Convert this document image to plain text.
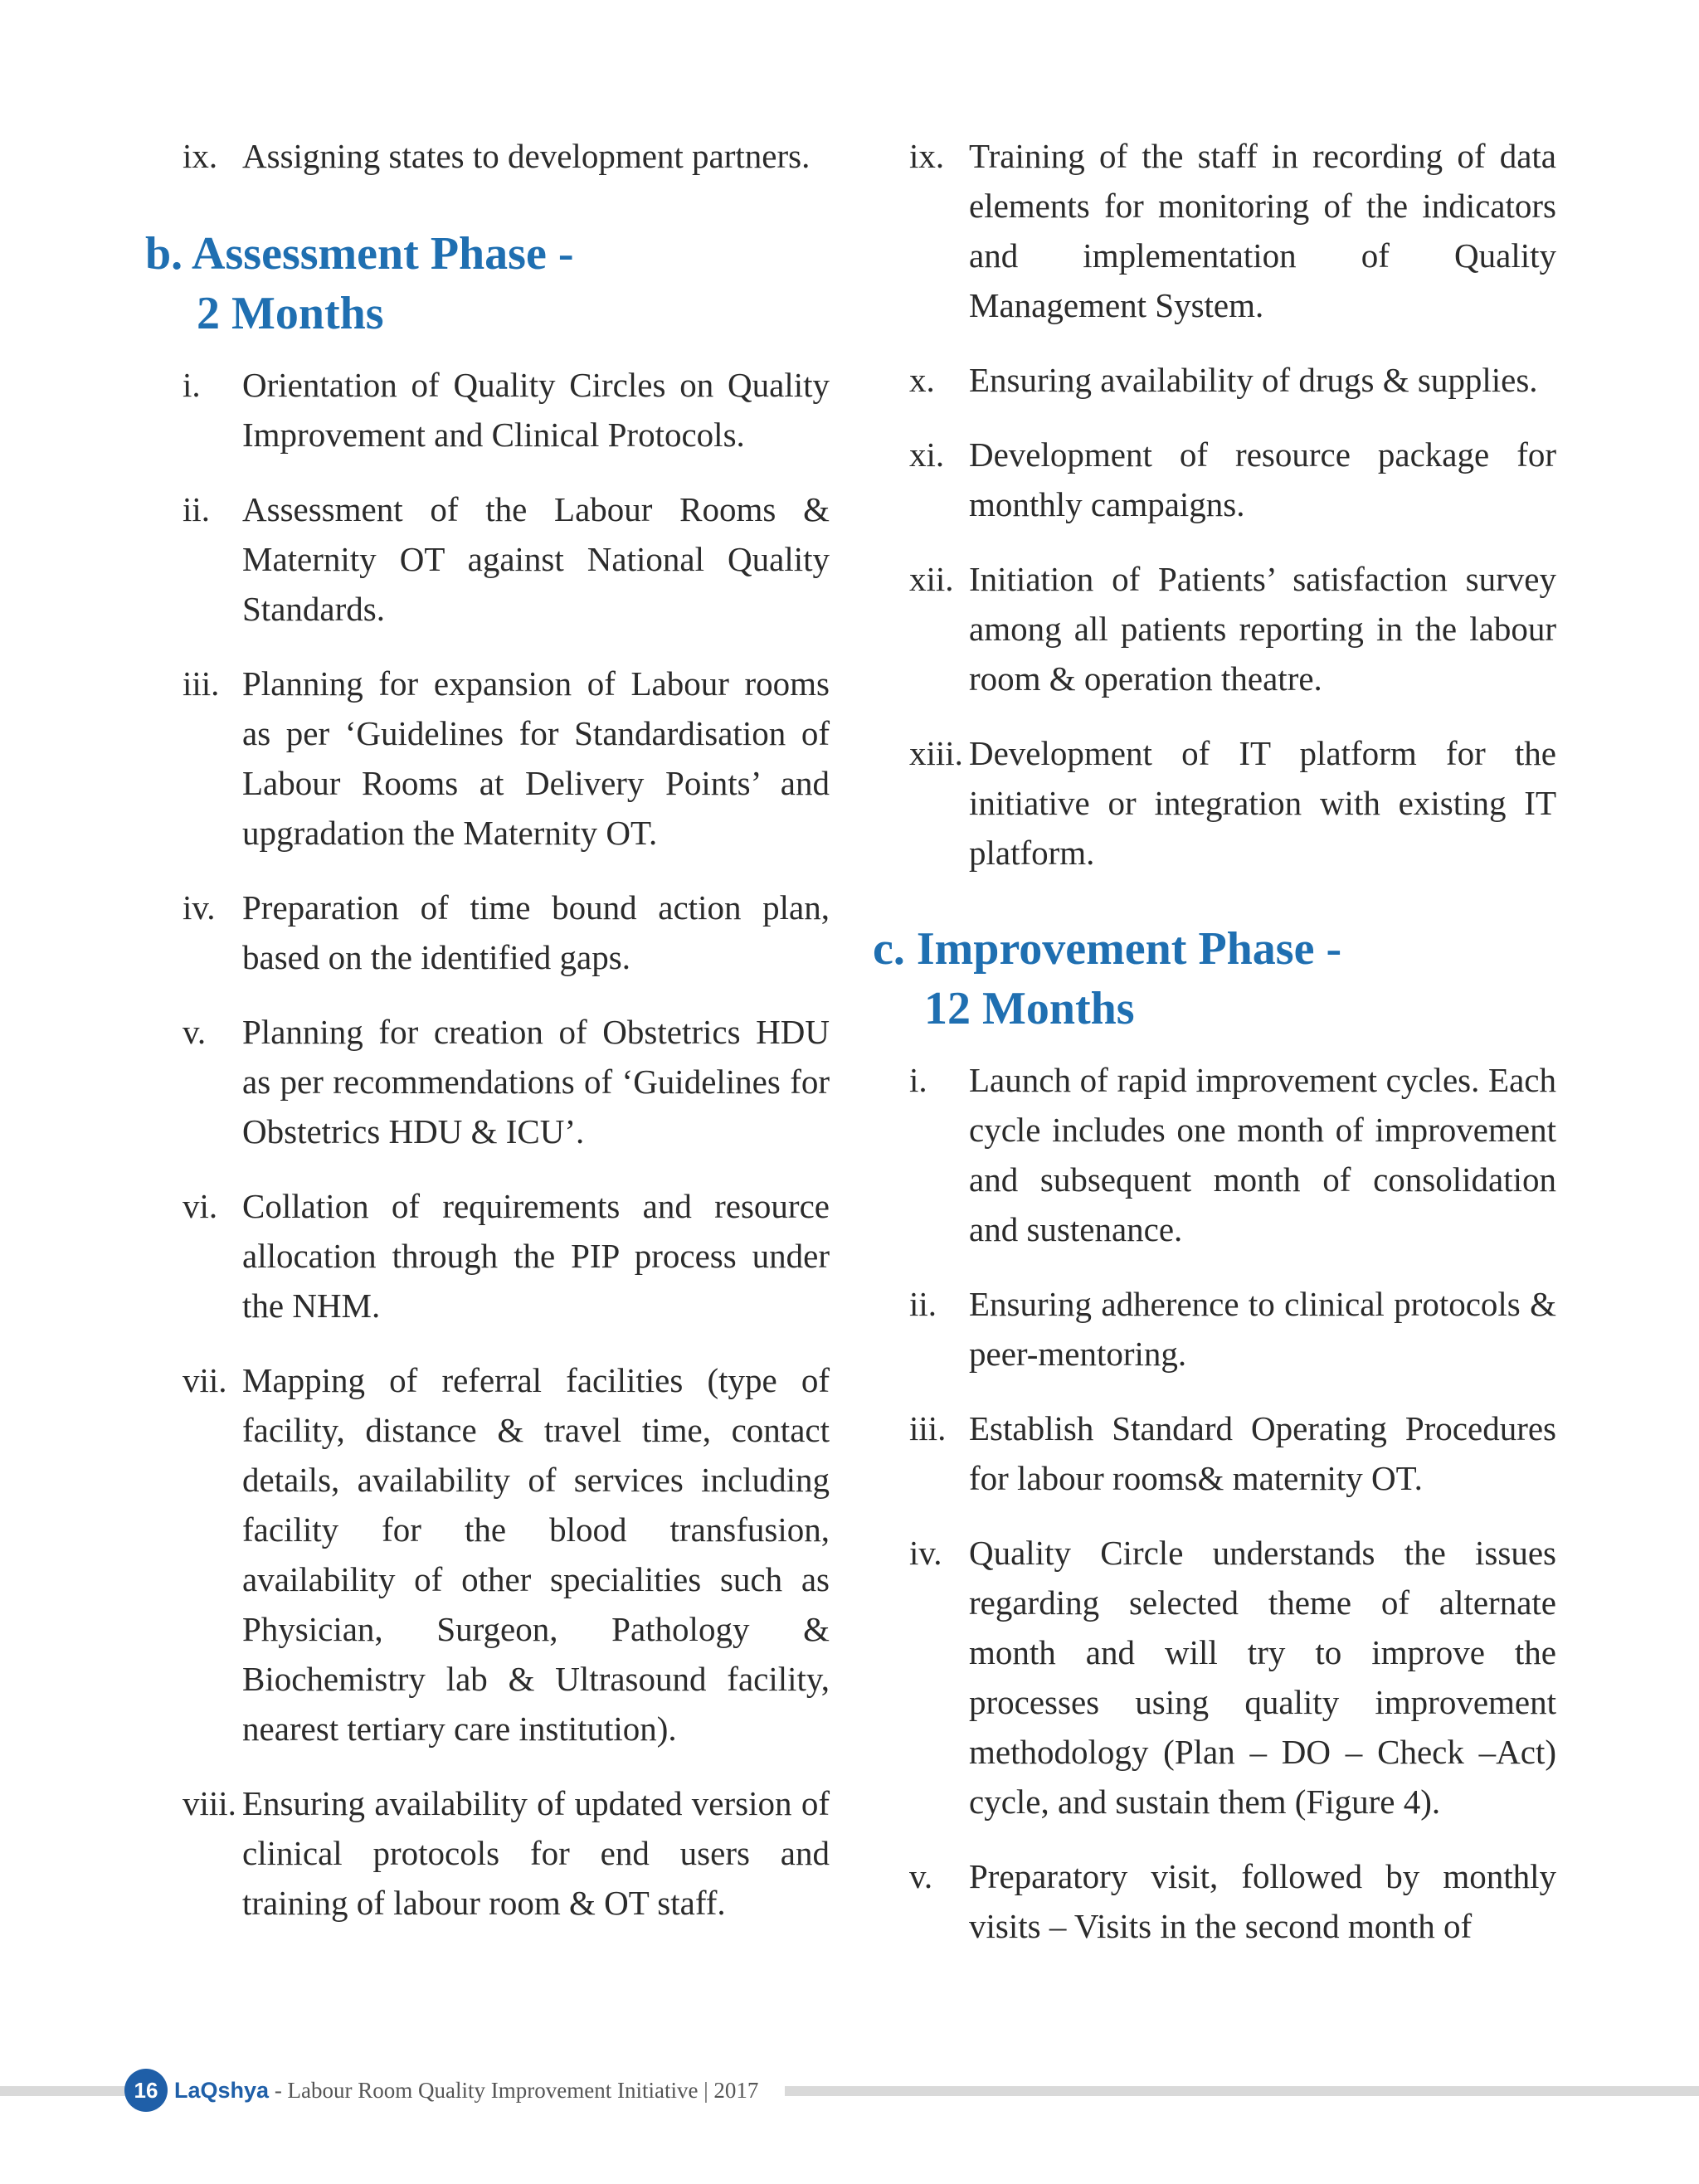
ix. Assigning states to development partners.
b. Assessment Phase -
2 Months
i. Orientation of Quality Circles on Quality Improvement and Clinical Protocols.
ii. Assessment of the Labour Rooms & Maternity OT against National Quality Standards.
iii. Planning for expansion of Labour rooms as per ‘Guidelines for Standardisation of Labour Rooms at Delivery Points’ and upgradation the Maternity OT.
iv. Preparation of time bound action plan, based on the identified gaps.
v. Planning for creation of Obstetrics HDU as per recommendations of ‘Guidelines for Obstetrics HDU & ICU’.
vi. Collation of requirements and resource allocation through the PIP process under the NHM.
vii. Mapping of referral facilities (type of facility, distance & travel time, contact details, availability of services including facility for the blood transfusion, availability of other specialities such as Physician, Surgeon, Pathology & Biochemistry lab & Ultrasound facility, nearest tertiary care institution).
viii. Ensuring availability of updated version of clinical protocols for end users and training of labour room & OT staff.
ix. Training of the staff in recording of data elements for monitoring of the indicators and implementation of Quality Management System.
x. Ensuring availability of drugs & supplies.
xi. Development of resource package for monthly campaigns.
xii. Initiation of Patients’ satisfaction survey among all patients reporting in the labour room & operation theatre.
xiii. Development of IT platform for the initiative or integration with existing IT platform.
c. Improvement Phase -
12 Months
i. Launch of rapid improvement cycles. Each cycle includes one month of improvement and subsequent month of consolidation and sustenance.
ii. Ensuring adherence to clinical protocols & peer-mentoring.
iii. Establish Standard Operating Procedures for labour rooms& maternity OT.
iv. Quality Circle understands the issues regarding selected theme of alternate month and will try to improve the processes using quality improvement methodology (Plan – DO – Check –Act) cycle, and sustain them (Figure 4).
v. Preparatory visit, followed by monthly visits – Visits in the second month of
16 LaQshya - Labour Room Quality Improvement Initiative | 2017
